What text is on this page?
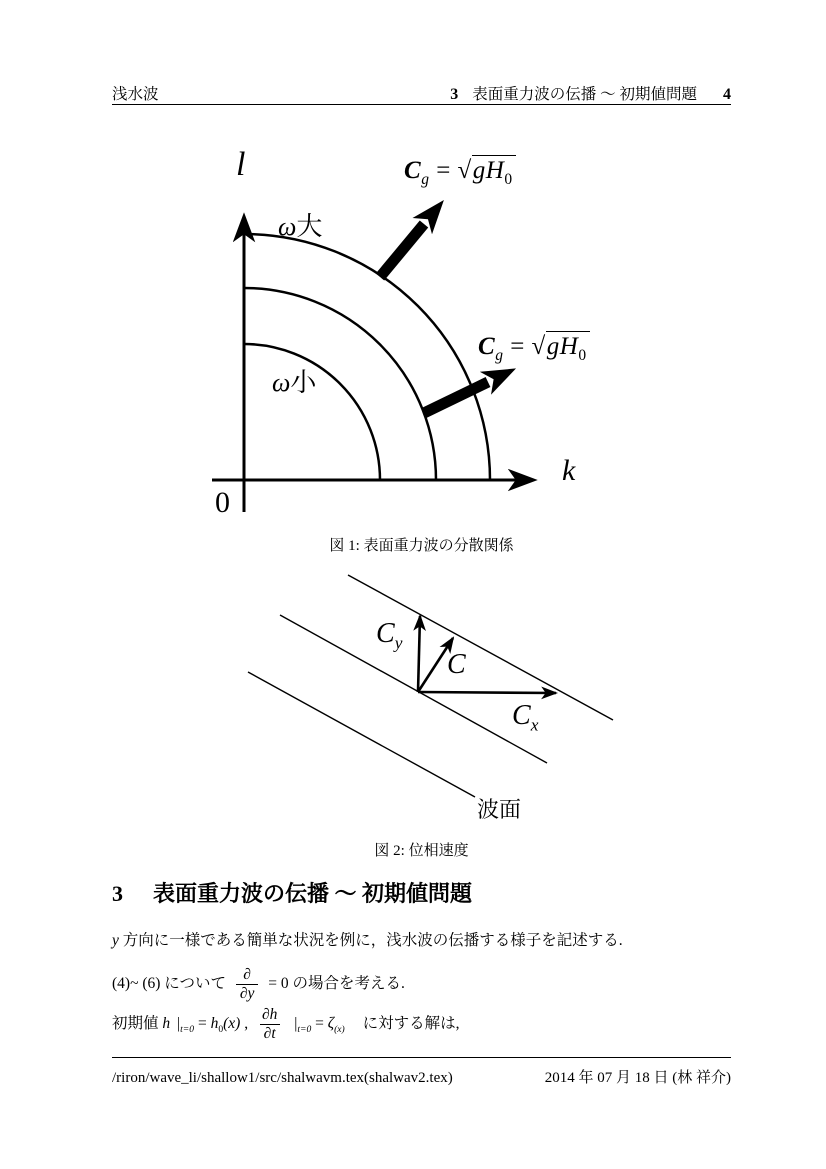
浅水波	3 表面重力波の伝播 ～ 初期値問題 4
l
k
0
ω大
ω小
$C_g = √gH_0$
$C_g = √gH_0$
図 1: 表面重力波の分散関係
$C_y$
C
$C_x$
波面
図 2: 位相速度
3 表面重力波の伝播 ～ 初期値問題
y 方向に一様である簡単な状況を例に，浅水波の伝播する様子を記述する.
(4)~ (6) について $\frac{\partial}{\partial y} = 0$ の場合を考える.
初期値 h $|_{t=0} = h_0(x)$ , $\frac{\partial h}{\partial t} |_{t=0} = \zeta_{(x)}$ に対する解は,
/riron/wave_li/shallow1/src/shalwavm.tex(shalwav2.tex)	2014 年 07 月 18 日 (林 祥介)
